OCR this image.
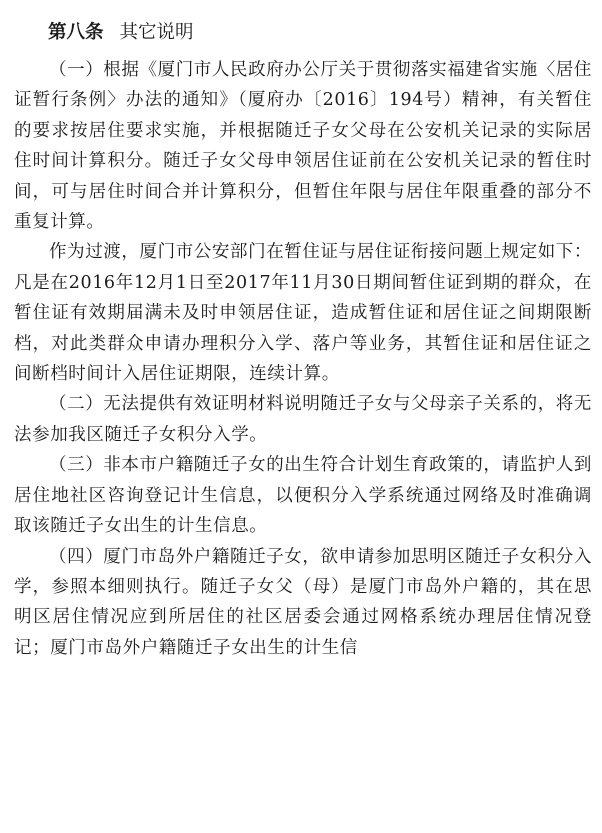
第八条 其它说明

（一）根据《厦门市人民政府办公厅关于贯彻落实福建省实施〈居住证暂行条例〉办法的通知》（厦府办〔2016〕194号）精神，有关暂住的要求按居住要求实施，并根据随迁子女父母在公安机关记录的实际居住时间计算积分。随迁子女父母申领居住证前在公安机关记录的暂住时间，可与居住时间合并计算积分，但暂住年限与居住年限重叠的部分不重复计算。

作为过渡，厦门市公安部门在暂住证与居住证衔接问题上规定如下：凡是在2016年12月1日至2017年11月30日期间暂住证到期的群众，在暂住证有效期届满未及时申领居住证，造成暂住证和居住证之间期限断档，对此类群众申请办理积分入学、落户等业务，其暂住证和居住证之间断档时间计入居住证期限，连续计算。

（二）无法提供有效证明材料说明随迁子女与父母亲子关系的，将无法参加我区随迁子女积分入学。

（三）非本市户籍随迁子女的出生符合计划生育政策的，请监护人到居住地社区咨询登记计生信息，以便积分入学系统通过网络及时准确调取该随迁子女出生的计生信息。

（四）厦门市岛外户籍随迁子女，欲申请参加思明区随迁子女积分入学，参照本细则执行。随迁子女父（母）是厦门市岛外户籍的，其在思明区居住情况应到所居住的社区居委会通过网格系统办理居住情况登记；厦门市岛外户籍随迁子女出生的计生信
